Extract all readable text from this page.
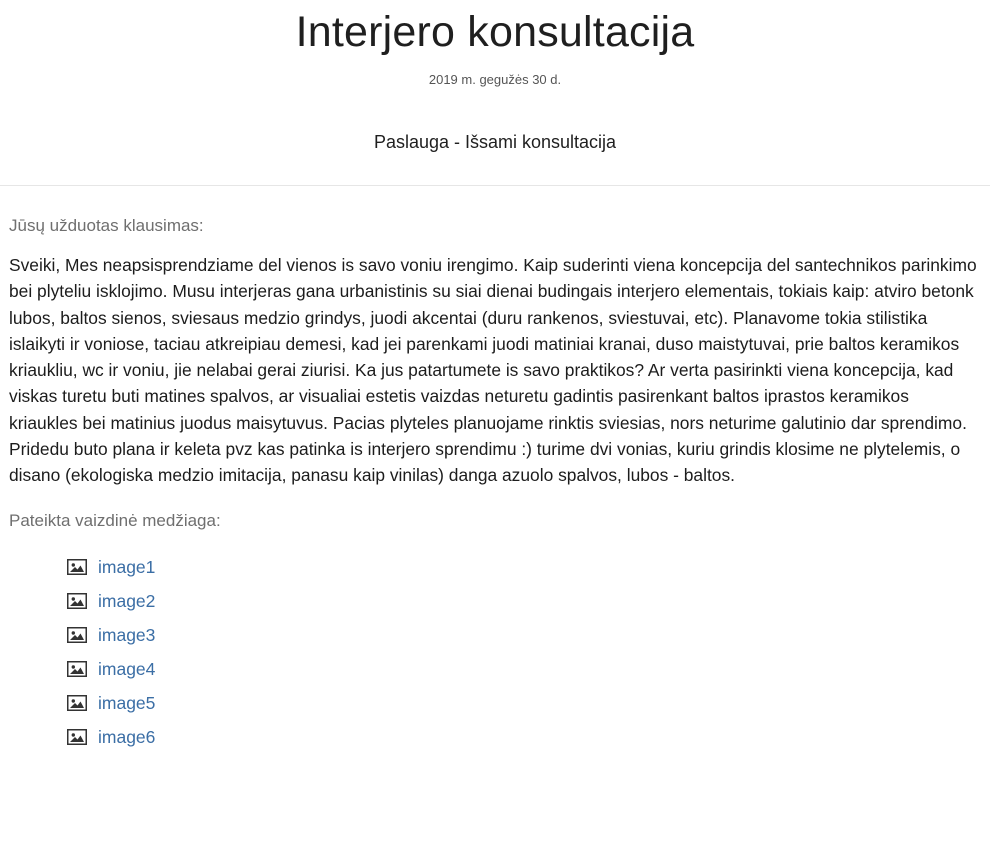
Interjero konsultacija
2019 m. gegužės 30 d.
Paslauga - Išsami konsultacija
Jūsų užduotas klausimas:
Sveiki, Mes neapsisprendziame del vienos is savo voniu irengimo. Kaip suderinti viena koncepcija del santechnikos parinkimo bei plyteliu isklojimo. Musu interjeras gana urbanistinis su siai dienai budingais interjero elementais, tokiais kaip: atviro betonk lubos, baltos sienos, sviesaus medzio grindys, juodi akcentai (duru rankenos, sviestuvai, etc). Planavome tokia stilistika islaikyti ir voniose, taciau atkreipiau demesi, kad jei parenkami juodi matiniai kranai, duso maistytuvai, prie baltos keramikos kriaukliu, wc ir voniu, jie nelabai gerai ziurisi. Ka jus patartumete is savo praktikos? Ar verta pasirinkti viena koncepcija, kad viskas turetu buti matines spalvos, ar visualiai estetis vaizdas neturetu gadintis pasirenkant baltos iprastos keramikos kriaukles bei matinius juodus maisytuvus. Pacias plyteles planuojame rinktis sviesias, nors neturime galutinio dar sprendimo. Pridedu buto plana ir keleta pvz kas patinka is interjero sprendimu :) turime dvi vonias, kuriu grindis klosime ne plytelemis, o disano (ekologiska medzio imitacija, panasu kaip vinilas) danga azuolo spalvos, lubos - baltos.
Pateikta vaizdinė medžiaga:
image1
image2
image3
image4
image5
image6
